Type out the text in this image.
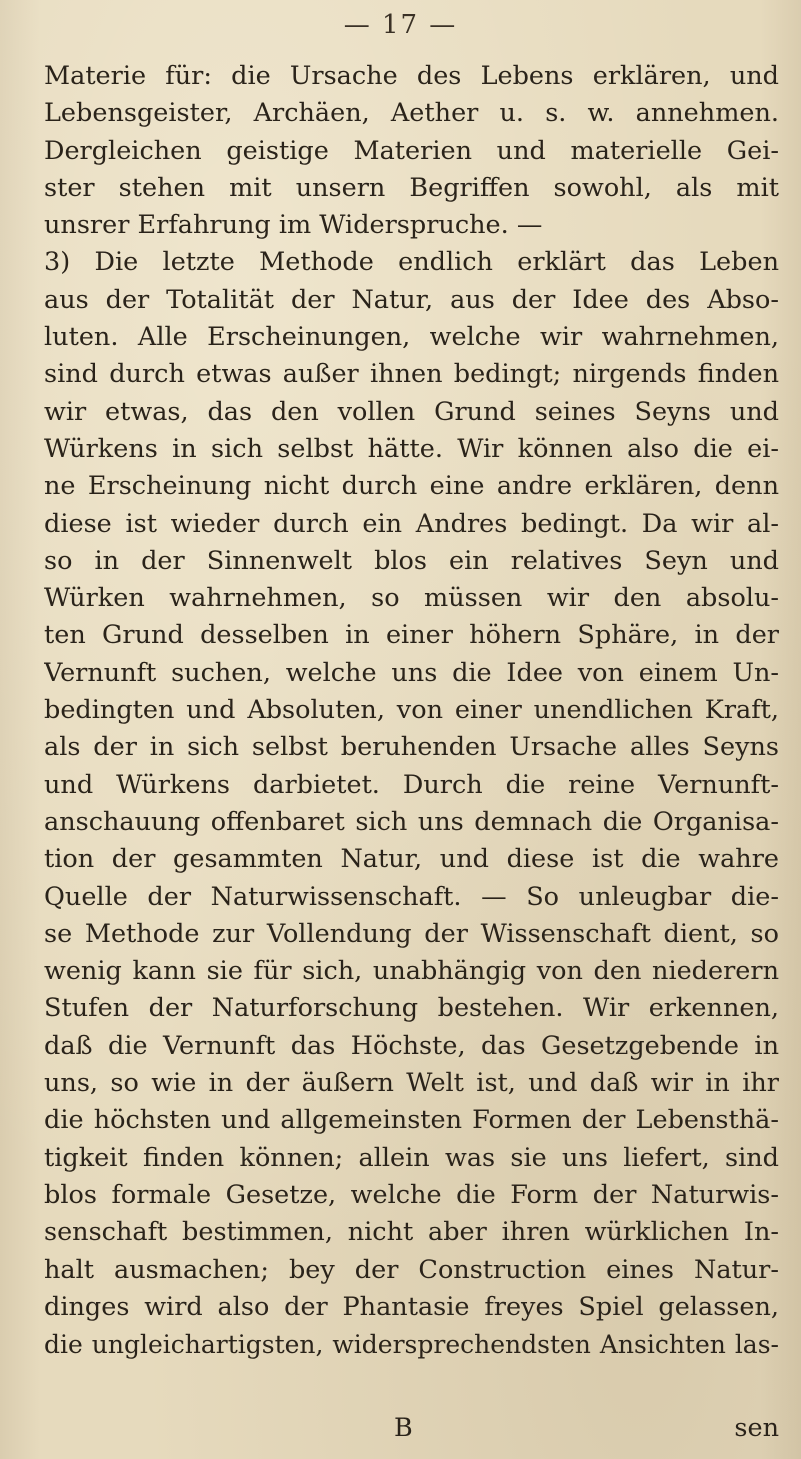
— 17 —
Materie für: die Ursache des Lebens erklären, und
Lebensgeister, Archäen, Aether u. s. w. annehmen.
Dergleichen geistige Materien und materielle Gei-
ster stehen mit unsern Begriffen sowohl, als mit
unsrer Erfahrung im Widerspruche. —
3) Die letzte Methode endlich erklärt das Leben
aus der Totalität der Natur, aus der Idee des Abso-
luten. Alle Erscheinungen, welche wir wahrnehmen,
sind durch etwas außer ihnen bedingt; nirgends finden
wir etwas, das den vollen Grund seines Seyns und
Würkens in sich selbst hätte. Wir können also die ei-
ne Erscheinung nicht durch eine andre erklären, denn
diese ist wieder durch ein Andres bedingt. Da wir al-
so in der Sinnenwelt blos ein relatives Seyn und
Würken wahrnehmen, so müssen wir den absolu-
ten Grund desselben in einer höhern Sphäre, in der
Vernunft suchen, welche uns die Idee von einem Un-
bedingten und Absoluten, von einer unendlichen Kraft,
als der in sich selbst beruhenden Ursache alles Seyns
und Würkens darbietet. Durch die reine Vernunft-
anschauung offenbaret sich uns demnach die Organisa-
tion der gesammten Natur, und diese ist die wahre
Quelle der Naturwissenschaft. — So unleugbar die-
se Methode zur Vollendung der Wissenschaft dient, so
wenig kann sie für sich, unabhängig von den niederern
Stufen der Naturforschung bestehen. Wir erkennen,
daß die Vernunft das Höchste, das Gesetzgebende in
uns, so wie in der äußern Welt ist, und daß wir in ihr
die höchsten und allgemeinsten Formen der Lebensthä-
tigkeit finden können; allein was sie uns liefert, sind
blos formale Gesetze, welche die Form der Naturwis-
senschaft bestimmen, nicht aber ihren würklichen In-
halt ausmachen; bey der Construction eines Natur-
dinges wird also der Phantasie freyes Spiel gelassen,
die ungleichartigsten, widersprechendsten Ansichten las-
B	sen
